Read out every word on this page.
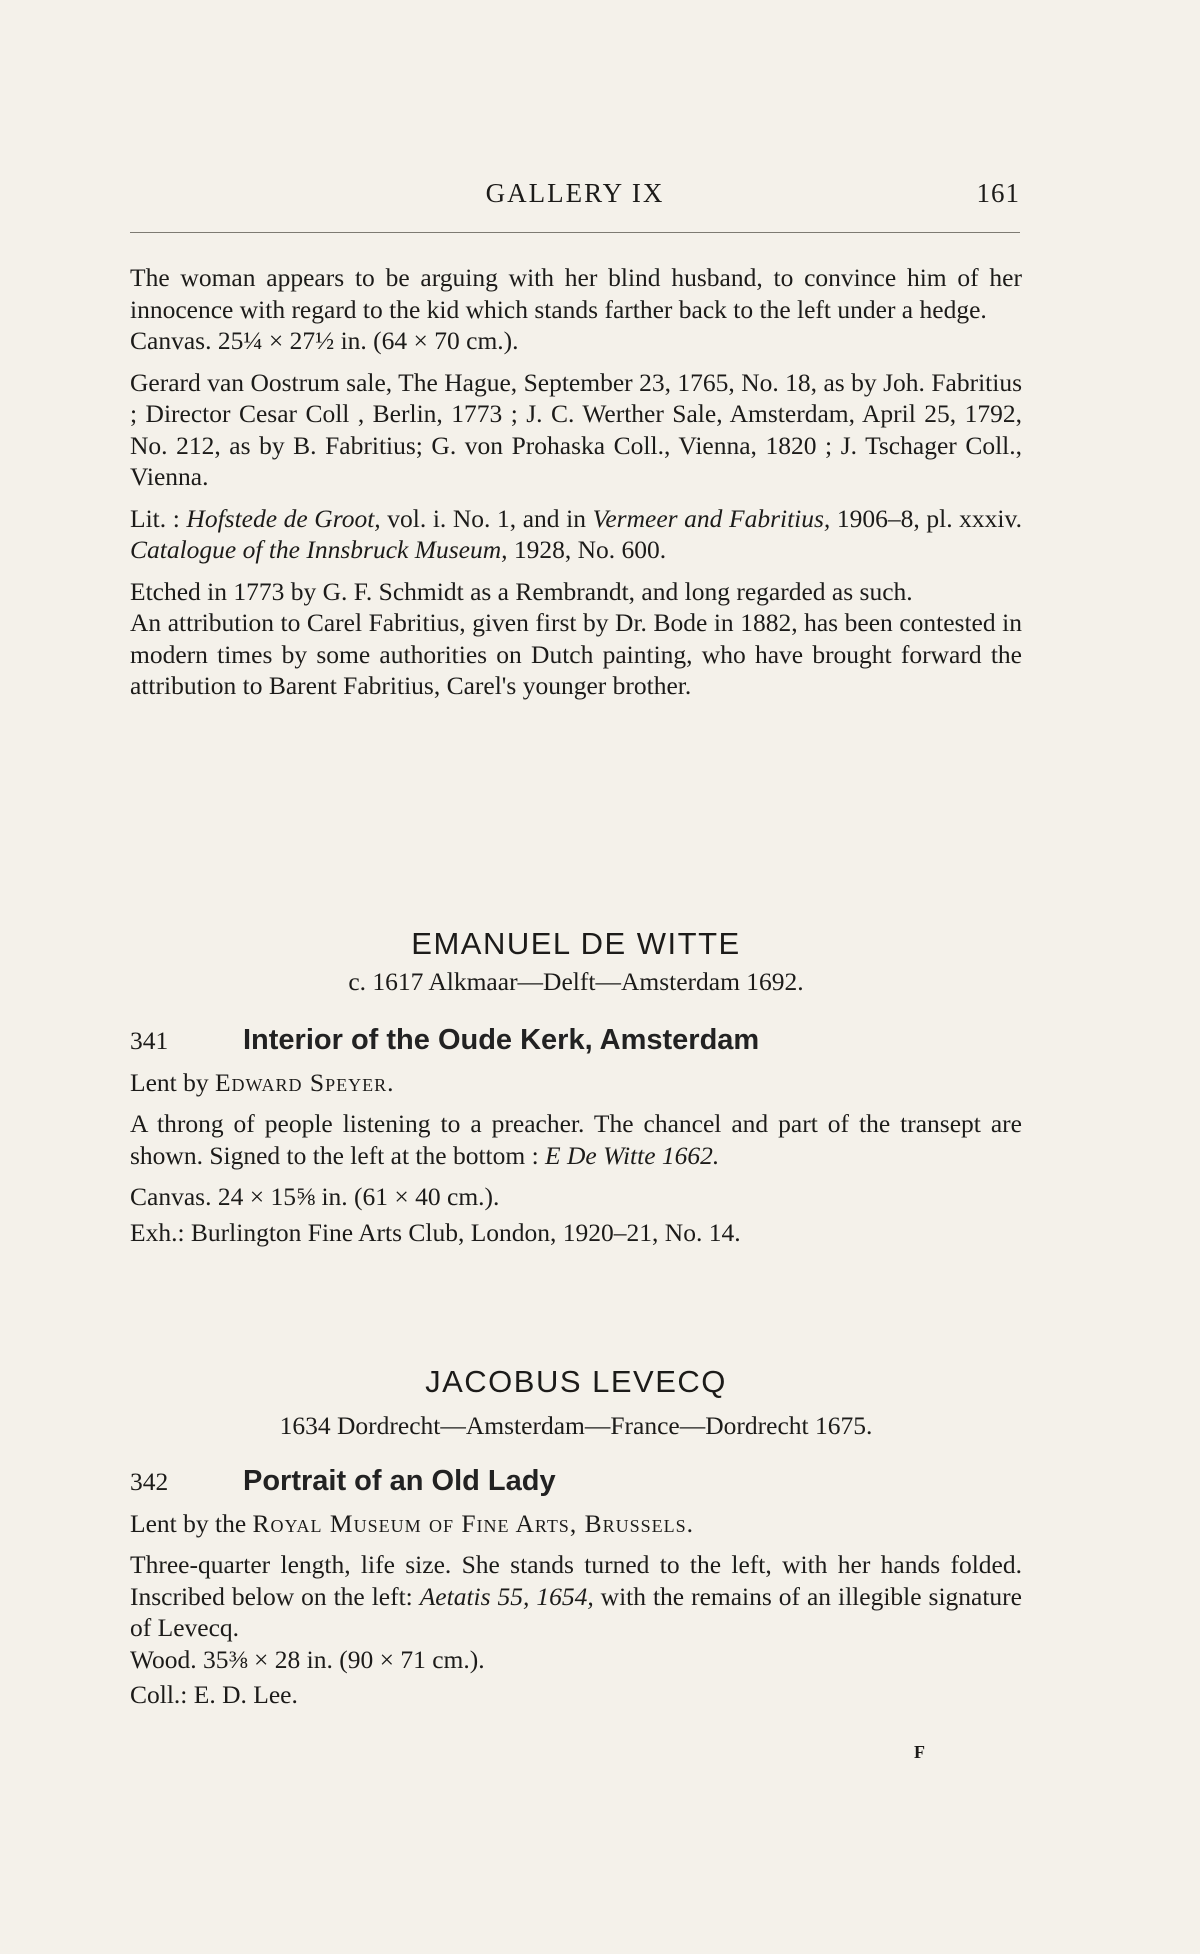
GALLERY IX	161

The woman appears to be arguing with her blind husband, to convince him of her innocence with regard to the kid which stands farther back to the left under a hedge.

Canvas. 25¼ × 27½ in. (64 × 70 cm.).

Gerard van Oostrum sale, The Hague, September 23, 1765, No. 18, as by Joh. Fabritius ; Director Cesar Coll , Berlin, 1773 ; J. C. Werther Sale, Amsterdam, April 25, 1792, No. 212, as by B. Fabritius; G. von Prohaska Coll., Vienna, 1820 ; J. Tschager Coll., Vienna.

Lit. : Hofstede de Groot, vol. i. No. 1, and in Vermeer and Fabritius, 1906–8, pl. xxxiv. Catalogue of the Innsbruck Museum, 1928, No. 600.

Etched in 1773 by G. F. Schmidt as a Rembrandt, and long regarded as such.

An attribution to Carel Fabritius, given first by Dr. Bode in 1882, has been contested in modern times by some authorities on Dutch painting, who have brought forward the attribution to Barent Fabritius, Carel's younger brother.

EMANUEL DE WITTE

c. 1617 Alkmaar—Delft—Amsterdam 1692.

341	Interior of the Oude Kerk, Amsterdam

Lent by Edward Speyer.

A throng of people listening to a preacher. The chancel and part of the transept are shown. Signed to the left at the bottom : E De Witte 1662.

Canvas. 24 × 15⅝ in. (61 × 40 cm.).

Exh.: Burlington Fine Arts Club, London, 1920–21, No. 14.

JACOBUS LEVECQ

1634 Dordrecht—Amsterdam—France—Dordrecht 1675.

342	Portrait of an Old Lady

Lent by the Royal Museum of Fine Arts, Brussels.

Three-quarter length, life size. She stands turned to the left, with her hands folded. Inscribed below on the left: Aetatis 55, 1654, with the remains of an illegible signature of Levecq.

Wood. 35⅜ × 28 in. (90 × 71 cm.).

Coll.: E. D. Lee.

F
